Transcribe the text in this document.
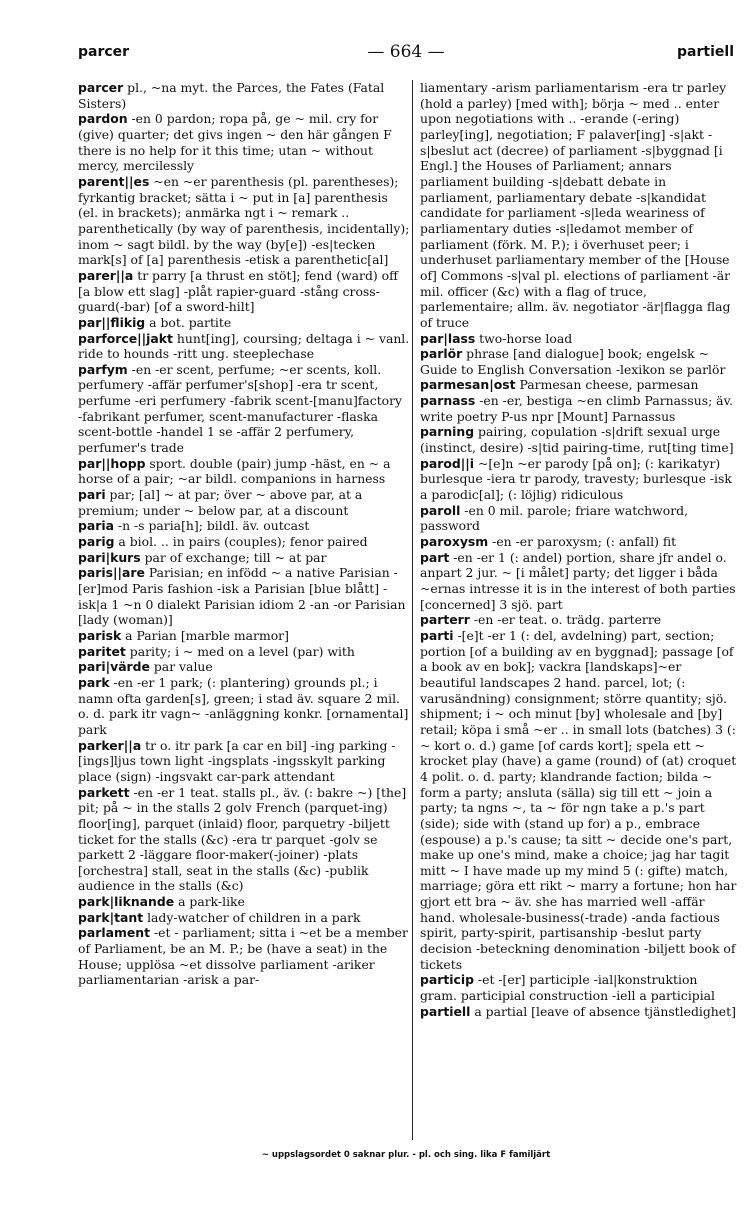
parcer	— 664 —	partiell

parcer pl., ~na myt. the Parces, the Fates (Fatal Sisters)

pardon -en 0 pardon; ropa på, ge ~ mil. cry for (give) quarter; det givs ingen ~ den här gången F there is no help for it this time; utan ~ without mercy, mercilessly

parent||es ~en ~er parenthesis (pl. parentheses); fyrkantig bracket; sätta i ~ put in [a] parenthesis (el. in brackets); anmärka ngt i ~ remark .. parenthetically (by way of parenthesis, incidentally); inom ~ sagt bildl. by the way (by[e]) -es|tecken mark[s] of [a] parenthesis -etisk a parenthetic[al]

parer||a tr parry [a thrust en stöt]; fend (ward) off [a blow ett slag] -plåt rapier-guard -stång cross-guard(-bar) [of a sword-hilt]

par||flikig a bot. partite

parforce||jakt hunt[ing], coursing; deltaga i ~ vanl. ride to hounds -ritt ung. steeplechase

parfym -en -er scent, perfume; ~er scents, koll. perfumery -affär perfumer's[shop] -era tr scent, perfume -eri perfumery -fabrik scent-[manu]factory -fabrikant perfumer, scent-manufacturer -flaska scent-bottle -handel 1 se -affär 2 perfumery, perfumer's trade

par||hopp sport. double (pair) jump -häst, en ~ a horse of a pair; ~ar bildl. companions in harness

pari par; [al] ~ at par; över ~ above par, at a premium; under ~ below par, at a discount

paria -n -s paria[h]; bildl. äv. outcast

parig a biol. .. in pairs (couples); fenor paired

pari|kurs par of exchange; till ~ at par

paris||are Parisian; en infödd ~ a native Parisian -[er]mod Paris fashion -isk a Parisian [blue blått] -isk|a 1 ~n 0 dialekt Parisian idiom 2 -an -or Parisian [lady (woman)]

parisk a Parian [marble marmor]

paritet parity; i ~ med on a level (par) with

pari|värde par value

park -en -er 1 park; (: plantering) grounds pl.; i namn ofta garden[s], green; i stad äv. square 2 mil. o. d. park itr vagn~ -anläggning konkr. [ornamental] park

parker||a tr o. itr park [a car en bil] -ing parking -[ings]ljus town light -ingsplats -ingsskylt parking place (sign) -ingsvakt car-park attendant

parkett -en -er 1 teat. stalls pl., äv. (: bakre ~) [the] pit; på ~ in the stalls 2 golv French (parquet-ing) floor[ing], parquet (inlaid) floor, parquetry -biljett ticket for the stalls (&c) -era tr parquet -golv se parkett 2 -läggare floor-maker(-joiner) -plats [orchestra] stall, seat in the stalls (&c) -publik audience in the stalls (&c)

park|liknande a park-like

park|tant lady-watcher of children in a park

parlament -et - parliament; sitta i ~et be a member of Parliament, be an M. P.; be (have a seat) in the House; upplösa ~et dissolve parliament -ariker parliamentarian -arisk a par-

liamentary -arism parliamentarism -era tr parley (hold a parley) [med with]; börja ~ med .. enter upon negotiations with .. -erande (-ering) parley[ing], negotiation; F palaver[ing] -s|akt -s|beslut act (decree) of parliament -s|byggnad [i Engl.] the Houses of Parliament; annars parliament building -s|debatt debate in parliament, parliamentary debate -s|kandidat candidate for parliament -s|leda weariness of parliamentary duties -s|ledamot member of parliament (förk. M. P.); i överhuset peer; i underhuset parliamentary member of the [House of] Commons -s|val pl. elections of parliament -är mil. officer (&c) with a flag of truce, parlementaire; allm. äv. negotiator -är|flagga flag of truce

par|lass two-horse load

parlör phrase [and dialogue] book; engelsk ~ Guide to English Conversation -lexikon se parlör

parmesan|ost Parmesan cheese, parmesan

parnass -en -er, bestiga ~en climb Parnassus; äv. write poetry P-us npr [Mount] Parnassus

parning pairing, copulation -s|drift sexual urge (instinct, desire) -s|tid pairing-time, rut[ting time]

parod||i ~[e]n ~er parody [på on]; (: karikatyr) burlesque -iera tr parody, travesty; burlesque -isk a parodic[al]; (: löjlig) ridiculous

paroll -en 0 mil. parole; friare watchword, password

paroxysm -en -er paroxysm; (: anfall) fit

part -en -er 1 (: andel) portion, share jfr andel o. anpart 2 jur. ~ [i målet] party; det ligger i båda ~ernas intresse it is in the interest of both parties [concerned] 3 sjö. part

parterr -en -er teat. o. trädg. parterre

parti -[e]t -er 1 (: del, avdelning) part, section; portion [of a building av en byggnad]; passage [of a book av en bok]; vackra [landskaps]~er beautiful landscapes 2 hand. parcel, lot; (: varusändning) consignment; större quantity; sjö. shipment; i ~ och minut [by] wholesale and [by] retail; köpa i små ~er .. in small lots (batches) 3 (: ~ kort o. d.) game [of cards kort]; spela ett ~ krocket play (have) a game (round) of (at) croquet 4 polit. o. d. party; klandrande faction; bilda ~ form a party; ansluta (sälla) sig till ett ~ join a party; ta ngns ~, ta ~ för ngn take a p.'s part (side); side with (stand up for) a p., embrace (espouse) a p.'s cause; ta sitt ~ decide one's part, make up one's mind, make a choice; jag har tagit mitt ~ I have made up my mind 5 (: gifte) match, marriage; göra ett rikt ~ marry a fortune; hon har gjort ett bra ~ äv. she has married well -affär hand. wholesale-business(-trade) -anda factious spirit, party-spirit, partisanship -beslut party decision -beteckning denomination -biljett book of tickets

particip -et -[er] participle -ial|konstruktion gram. participial construction -iell a participial

partiell a partial [leave of absence tjänstledighet]

~ uppslagsordet 0 saknar plur. - pl. och sing. lika F familjärt
